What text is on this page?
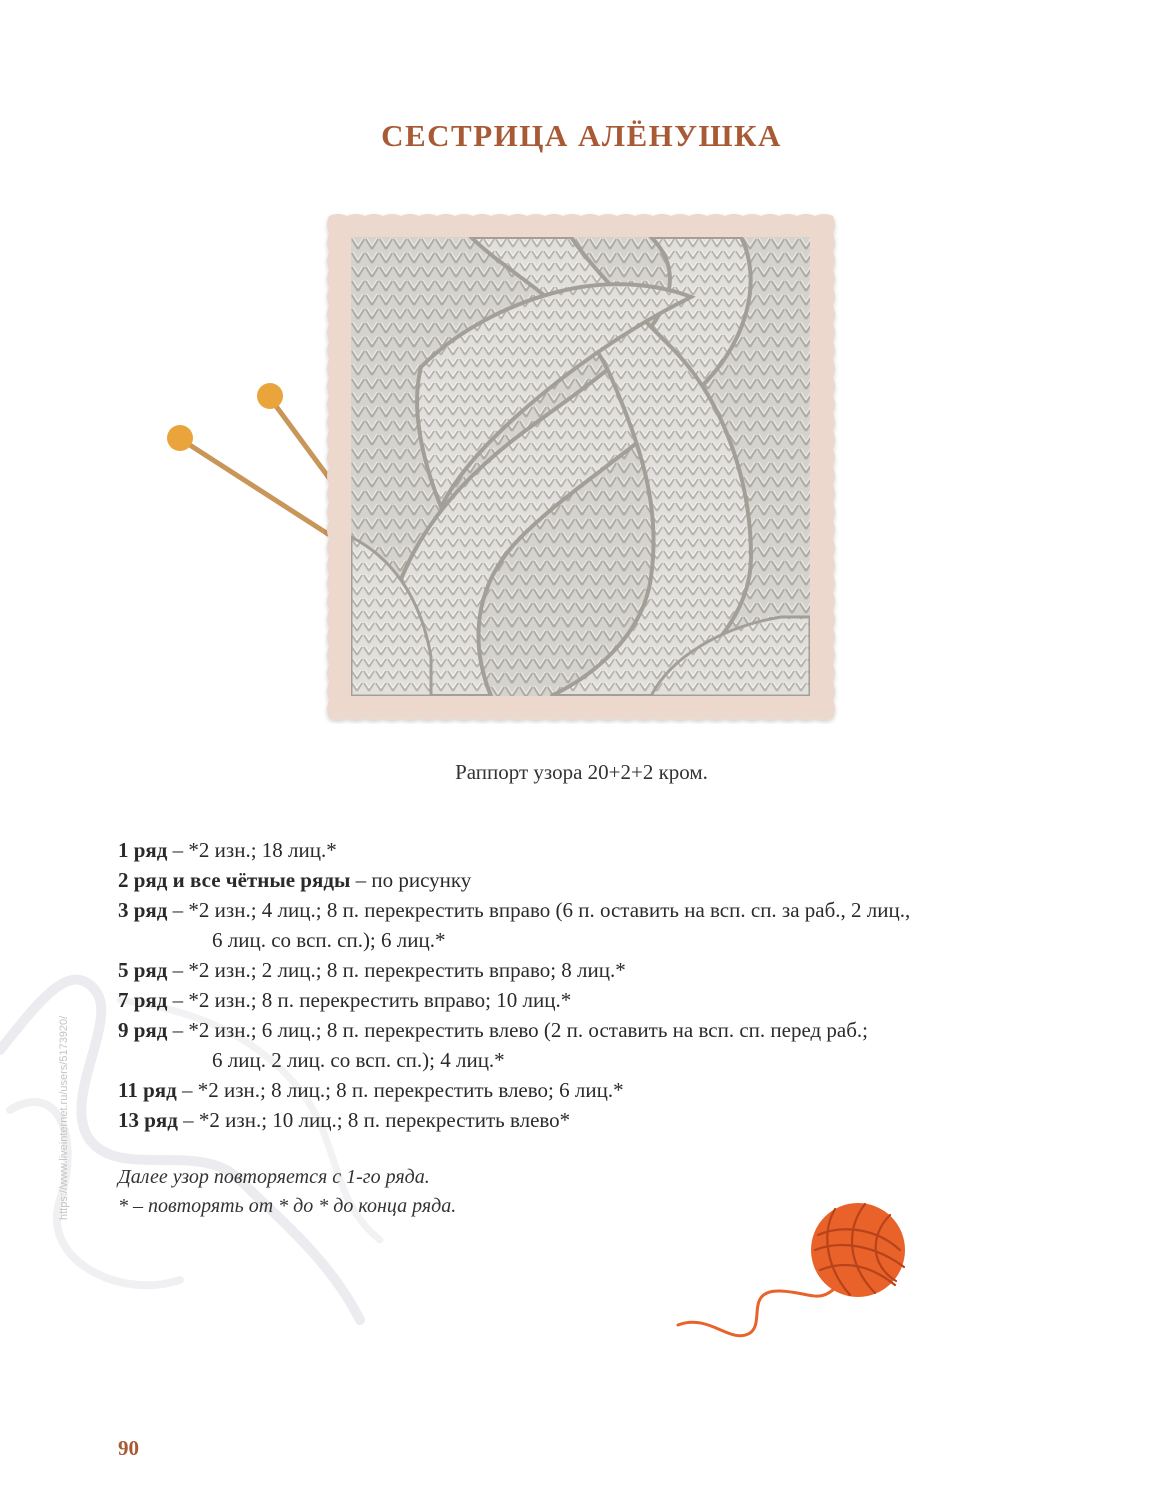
СЕСТРИЦА АЛЁНУШКА

Раппорт узора 20+2+2 кром.

1 ряд – *2 изн.; 18 лиц.*
2 ряд и все чётные ряды – по рисунку
3 ряд – *2 изн.; 4 лиц.; 8 п. перекрестить вправо (6 п. оставить на всп. сп. за раб., 2 лиц.,
6 лиц. со всп. сп.); 6 лиц.*
5 ряд – *2 изн.; 2 лиц.; 8 п. перекрестить вправо; 8 лиц.*
7 ряд – *2 изн.; 8 п. перекрестить вправо; 10 лиц.*
9 ряд – *2 изн.; 6 лиц.; 8 п. перекрестить влево (2 п. оставить на всп. сп. перед раб.;
6 лиц. 2 лиц. со всп. сп.); 4 лиц.*
11 ряд – *2 изн.; 8 лиц.; 8 п. перекрестить влево; 6 лиц.*
13 ряд – *2 изн.; 10 лиц.; 8 п. перекрестить влево*
Далее узор повторяется с 1-го ряда.
* – повторять от * до * до конца ряда.
https://www.liveinternet.ru/users/5173920/
90
